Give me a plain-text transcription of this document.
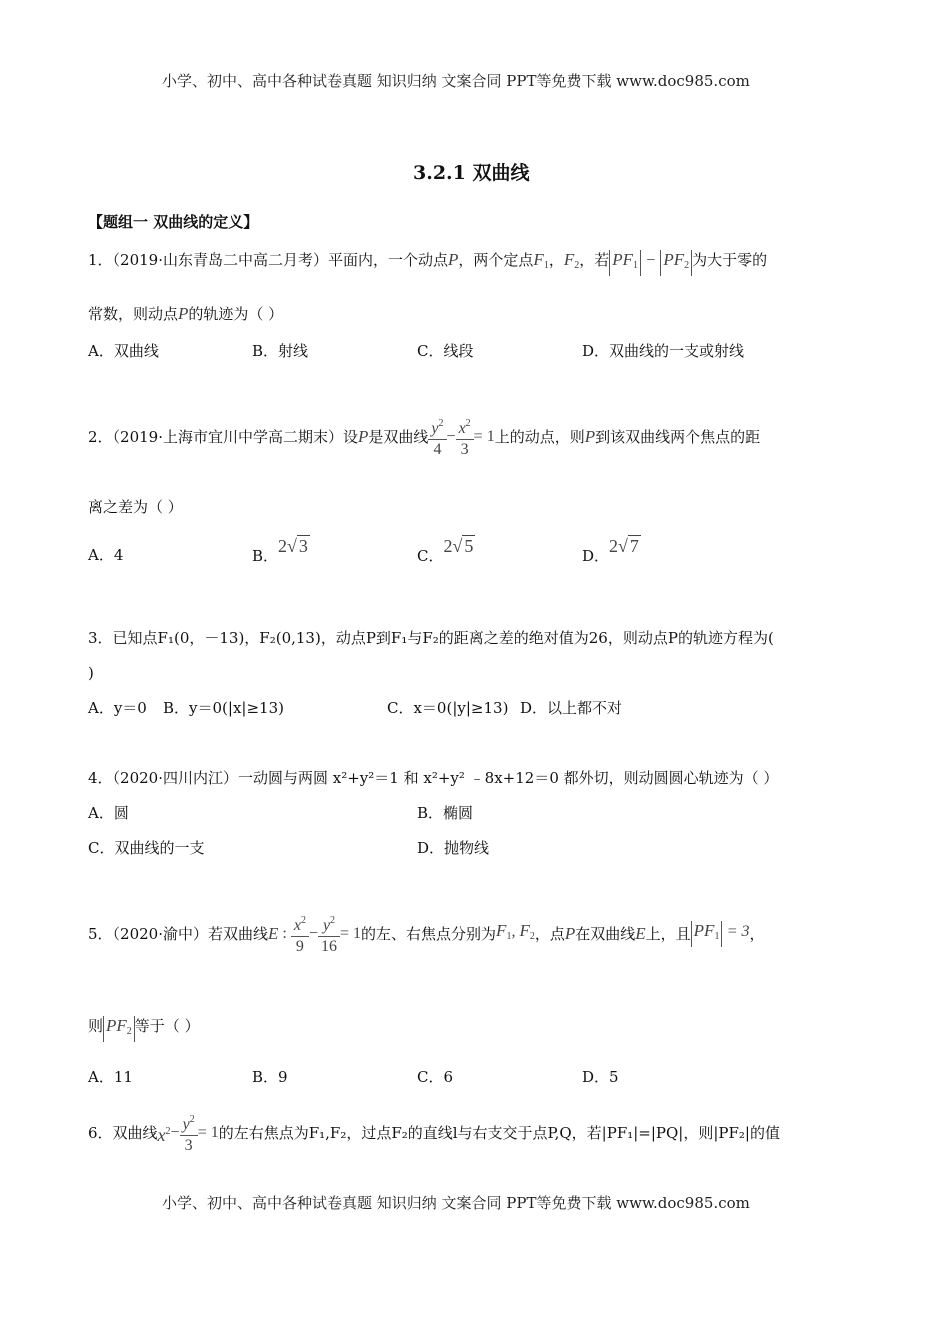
小学、初中、高中各种试卷真题 知识归纳 文案合同 PPT等免费下载 www.doc985.com
3.2.1 双曲线
【题组一 双曲线的定义】
1．（2019·山东青岛二中高二月考）平面内，一个动点P，两个定点$F_1$，$F_2$，若 $PF_1 - PF_2$ 为大于零的
常数，则动点P的轨迹为（ ）
A．双曲线	B．射线	C．线段	D．双曲线的一支或射线
2．（2019·上海市宜川中学高二期末）设P是双曲线 $\frac{y^2}{4} - \frac{x^2}{3} = 1$上的动点，则P到该双曲线两个焦点的距
离之差为（ ）
A．4	B．2√ 3	C．2√ 5	D．2√ 7
3．已知点F₁(0，－13)，F₂(0,13)，动点P到F₁与F₂的距离之差的绝对值为26，则动点P的轨迹方程为(
)
A．y＝0 B．y＝0(|x|≥13)	C．x＝0(|y|≥13) D．以上都不对
4．（2020·四川内江）一动圆与两圆 x²+y²＝1 和 x²+y² ﹣8x+12＝0 都外切，则动圆圆心轨迹为（ ）
A．圆	B．椭圆
C．双曲线的一支	D．抛物线
5．（2020·渝中）若双曲线E : $\frac{x^2}{9} - \frac{y^2}{16} = 1$的左、右焦点分别为$F_1$, $F_2$，点P在双曲线E上，且 $PF_1 = 3$，
则 $PF_2$ 等于（ ）
A．11	B．9	C．6	D．5
6．双曲线$x^2- \frac{y^2}{3} = 1$的左右焦点为F₁,F₂，过点F₂的直线l与右支交于点P,Q，若|PF₁|=|PQ|，则|PF₂|的值
小学、初中、高中各种试卷真题 知识归纳 文案合同 PPT等免费下载 www.doc985.com
